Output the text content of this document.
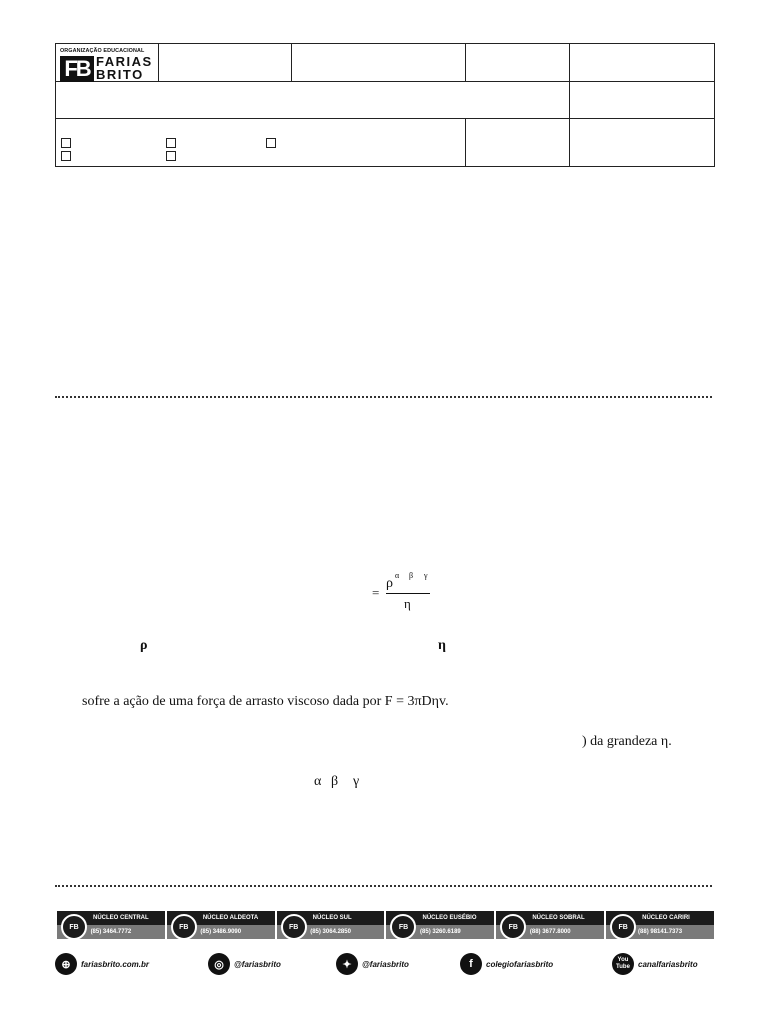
ORGANIZAÇÃO EDUCACIONAL
FB FARIAS
BRITO				

=
ρ
α β γ
η
ρ	η
sofre a ação de uma força de arrasto viscoso dada por F = 3πDηv.
) da grandeza η.
α β γ
FB
NÚCLEO CENTRAL
(85) 3464.7772
FB
NÚCLEO ALDEOTA
(85) 3486.9090
FB
NÚCLEO SUL
(85) 3064.2850
FB
NÚCLEO EUSÉBIO
(85) 3260.6189
FB
NÚCLEO SOBRAL
(88) 3677.8000
FB
NÚCLEO CARIRI
(88) 98141.7373
⊕	fariasbrito.com.br	◎	@fariasbrito	✦	@fariasbrito	f	colegiofariasbrito	You Tube	canalfariasbrito
